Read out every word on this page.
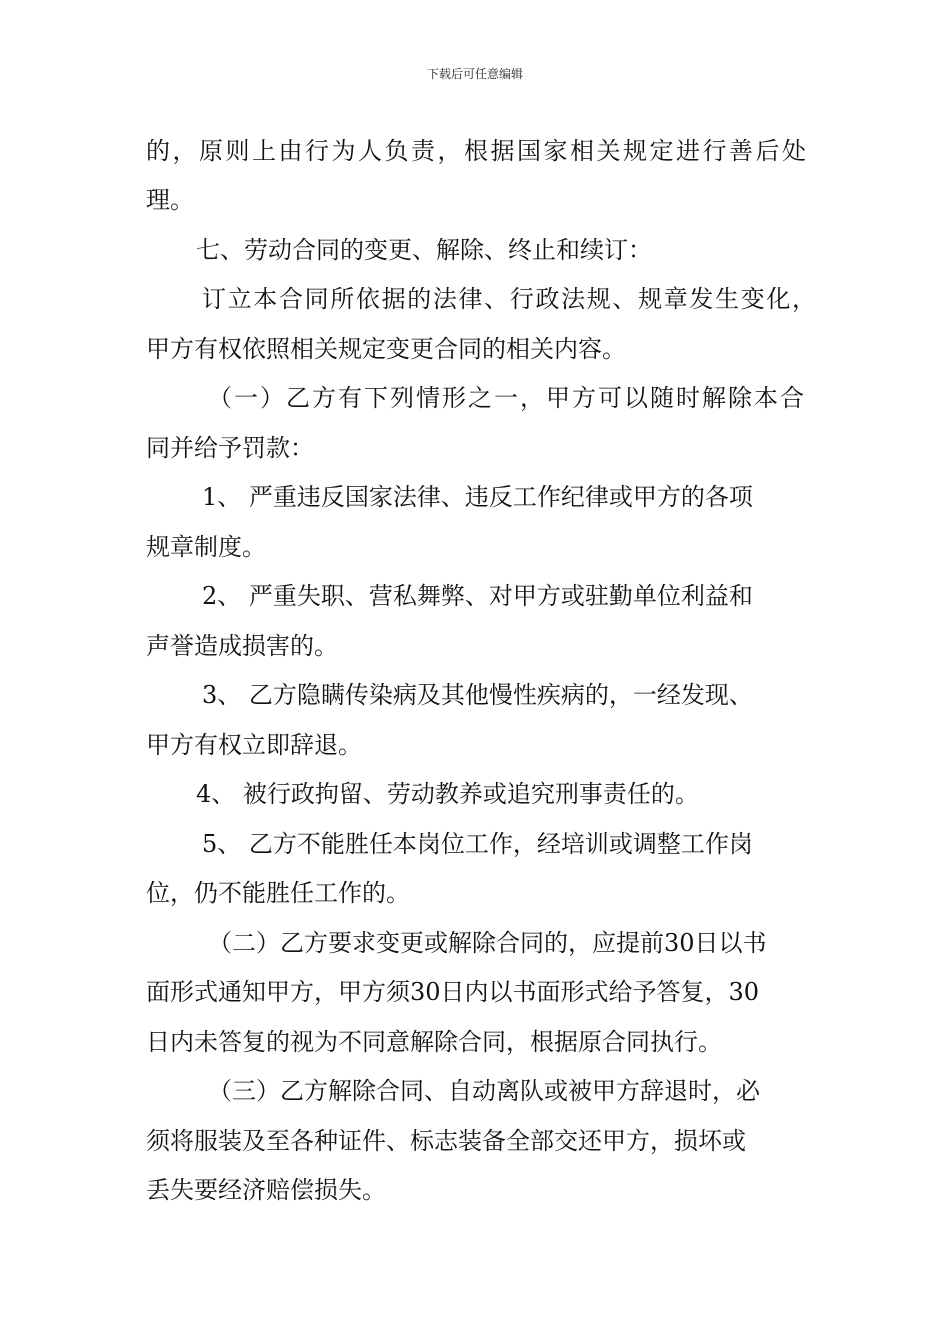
下载后可任意编辑
的，原则上由行为人负责，根据国家相关规定进行善后处
理。
七、劳动合同的变更、解除、终止和续订：
订立本合同所依据的法律、行政法规、规章发生变化，
甲方有权依照相关规定变更合同的相关内容。
（一）乙方有下列情形之一，甲方可以随时解除本合
同并给予罚款：
1、 严重违反国家法律、违反工作纪律或甲方的各项
规章制度。
2、 严重失职、营私舞弊、对甲方或驻勤单位利益和
声誉造成损害的。
3、 乙方隐瞒传染病及其他慢性疾病的，一经发现、
甲方有权立即辞退。
4、 被行政拘留、劳动教养或追究刑事责任的。
5、 乙方不能胜任本岗位工作，经培训或调整工作岗
位，仍不能胜任工作的。
（二）乙方要求变更或解除合同的，应提前30日以书
面形式通知甲方，甲方须30日内以书面形式给予答复，30
日内未答复的视为不同意解除合同，根据原合同执行。
（三）乙方解除合同、自动离队或被甲方辞退时，必
须将服装及至各种证件、标志装备全部交还甲方，损坏或
丢失要经济赔偿损失。
